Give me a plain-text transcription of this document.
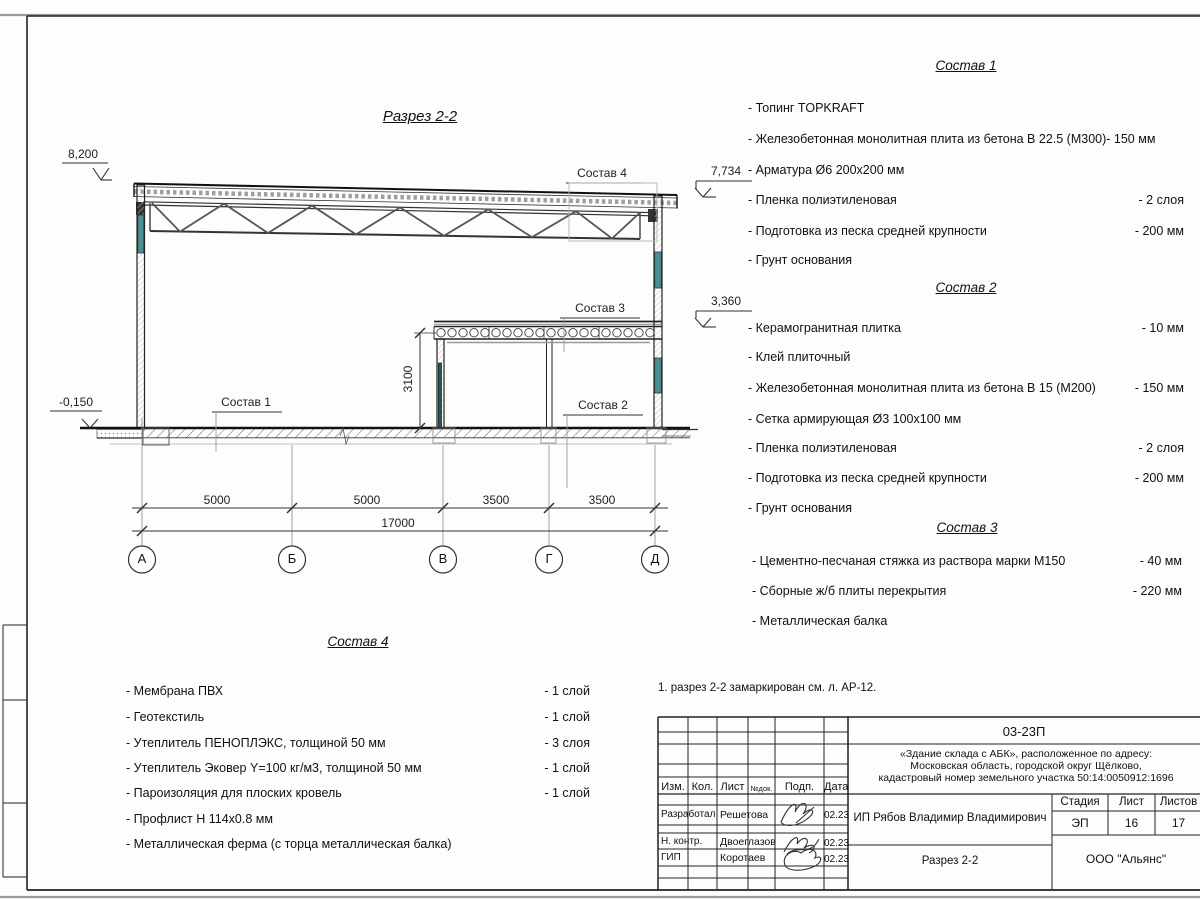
Разрез 2-2
8,200
7,734
3,360
-0,150
Состав 4
Состав 3
Состав 2
Состав 1
5000	5000	3500	3500
17000
3100
А	Б	В	Г	Д
Состав 1
- Топинг TOPKRAFT
- Железобетонная монолитная плита из бетона В 22.5 (М300)- 150 мм
- Арматура Ø6 200x200 мм
- Пленка полиэтиленовая	- 2 слоя
- Подготовка из песка средней крупности	- 200 мм
- Грунт основания
Состав 2
- Керамогранитная плитка	- 10 мм
- Клей плиточный
- Железобетонная монолитная плита из бетона В 15 (М200)	- 150 мм
- Сетка армирующая Ø3 100x100 мм
- Пленка полиэтиленовая	- 2 слоя
- Подготовка из песка средней крупности	- 200 мм
- Грунт основания
Состав 3
- Цементно-песчаная стяжка из раствора марки М150	- 40 мм
- Сборные ж/б плиты перекрытия	- 220 мм
- Металлическая балка
Состав 4
- Мембрана ПВХ	- 1 слой
- Геотекстиль	- 1 слой
- Утеплитель ПЕНОПЛЭКС, толщиной 50 мм	- 3 слоя
- Утеплитель Эковер Y=100 кг/м3, толщиной 50 мм	- 1 слой
- Пароизоляция для плоских кровель	- 1 слой
- Профлист Н 114x0.8 мм
- Металлическая ферма (с торца металлическая балка)
1. разрез 2-2 замаркирован см. л. АР-12.
Изм. Кол. Лист №док.	Подп. Дата
Разработал Решетова	02.23
Н. контр. Двоеглазов	02.23
ГИП	Коротаев	02.23
03-23П
«Здание склада с АБК», расположенное по адресу:
Московская область, городской округ Щёлково,
кадастровый номер земельного участка 50:14:0050912:1696
ИП Рябов Владимир Владимирович
Стадия	Лист	Листов
ЭП	16	17
Разрез 2-2	ООО "Альянс"
